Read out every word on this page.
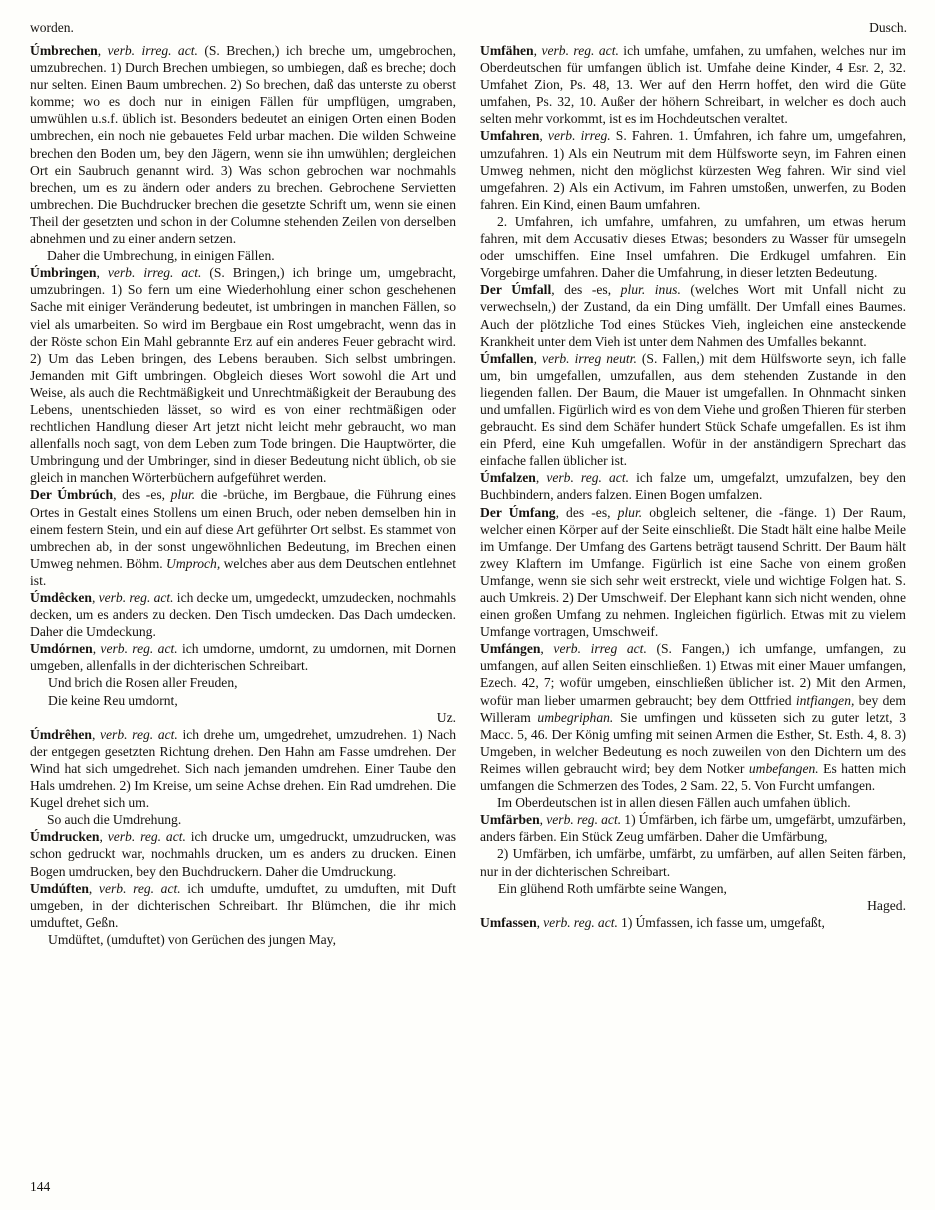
worden.	Dusch.

Úmbrechen, verb. irreg. act. (S. Brechen,) ich breche um, umgebrochen, umzubrechen. 1) Durch Brechen umbiegen, so umbiegen, daß es breche; doch nur selten. Einen Baum umbrechen. 2) So brechen, daß das unterste zu oberst komme; wo es doch nur in einigen Fällen für umpflügen, umgraben, umwühlen u.s.f. üblich ist. Besonders bedeutet an einigen Orten einen Boden umbrechen, ein noch nie gebauetes Feld urbar machen. Die wilden Schweine brechen den Boden um, bey den Jägern, wenn sie ihn umwühlen; dergleichen Ort ein Saubruch genannt wird. 3) Was schon gebrochen war nochmahls brechen, um es zu ändern oder anders zu brechen. Gebrochene Servietten umbrechen. Die Buchdrucker brechen die gesetzte Schrift um, wenn sie einen Theil der gesetzten und schon in der Columne stehenden Zeilen von derselben abnehmen und zu einer andern setzen.

Daher die Umbrechung, in einigen Fällen.

Úmbringen, verb. irreg. act. (S. Bringen,) ich bringe um, umgebracht, umzubringen. 1) So fern um eine Wiederhohlung einer schon geschehenen Sache mit einiger Veränderung bedeutet, ist umbringen in manchen Fällen, so viel als umarbeiten. So wird im Bergbaue ein Rost umgebracht, wenn das in der Röste schon Ein Mahl gebrannte Erz auf ein anderes Feuer gebracht wird. 2) Um das Leben bringen, des Lebens berauben. Sich selbst umbringen. Jemanden mit Gift umbringen. Obgleich dieses Wort sowohl die Art und Weise, als auch die Rechtmäßigkeit und Unrechtmäßigkeit der Beraubung des Lebens, unentschieden lässet, so wird es von einer rechtmäßigen oder rechtlichen Handlung dieser Art jetzt nicht leicht mehr gebraucht, wo man allenfalls noch sagt, von dem Leben zum Tode bringen. Die Hauptwörter, die Umbringung und der Umbringer, sind in dieser Bedeutung nicht üblich, ob sie gleich in manchen Wörterbüchern aufgeführet werden.

Der Úmbrúch, des -es, plur. die -brüche, im Bergbaue, die Führung eines Ortes in Gestalt eines Stollens um einen Bruch, oder neben demselben hin in einem festern Stein, und ein auf diese Art geführter Ort selbst. Es stammet von umbrechen ab, in der sonst ungewöhnlichen Bedeutung, im Brechen einen Umweg nehmen. Böhm. Umproch, welches aber aus dem Deutschen entlehnet ist.

Úmdêcken, verb. reg. act. ich decke um, umgedeckt, umzudecken, nochmahls decken, um es anders zu decken. Den Tisch umdecken. Das Dach umdecken. Daher die Umdeckung.

Umdórnen, verb. reg. act. ich umdorne, umdornt, zu umdornen, mit Dornen umgeben, allenfalls in der dichterischen Schreibart.

Und brich die Rosen aller Freuden,

Die keine Reu umdornt,

Uz.

Úmdrêhen, verb. reg. act. ich drehe um, umgedrehet, umzudrehen. 1) Nach der entgegen gesetzten Richtung drehen. Den Hahn am Fasse umdrehen. Der Wind hat sich umgedrehet. Sich nach jemanden umdrehen. Einer Taube den Hals umdrehen. 2) Im Kreise, um seine Achse drehen. Ein Rad umdrehen. Die Kugel drehet sich um.

So auch die Umdrehung.

Úmdrucken, verb. reg. act. ich drucke um, umgedruckt, umzudrucken, was schon gedruckt war, nochmahls drucken, um es anders zu drucken. Einen Bogen umdrucken, bey den Buchdruckern. Daher die Umdruckung.

Umdúften, verb. reg. act. ich umdufte, umduftet, zu umduften, mit Duft umgeben, in der dichterischen Schreibart. Ihr Blümchen, die ihr mich umduftet, Geßn.

Umdüftet, (umduftet) von Gerüchen des jungen May,

Umfähen, verb. reg. act. ich umfahe, umfahen, zu umfahen, welches nur im Oberdeutschen für umfangen üblich ist. Umfahe deine Kinder, 4 Esr. 2, 32. Umfahet Zion, Ps. 48, 13. Wer auf den Herrn hoffet, den wird die Güte umfahen, Ps. 32, 10. Außer der höhern Schreibart, in welcher es doch auch selten mehr vorkommt, ist es im Hochdeutschen veraltet.

Umfahren, verb. irreg. S. Fahren. 1. Úmfahren, ich fahre um, umgefahren, umzufahren. 1) Als ein Neutrum mit dem Hülfsworte seyn, im Fahren einen Umweg nehmen, nicht den möglichst kürzesten Weg fahren. Wir sind viel umgefahren. 2) Als ein Activum, im Fahren umstoßen, unwerfen, zu Boden fahren. Ein Kind, einen Baum umfahren.

2. Umfahren, ich umfahre, umfahren, zu umfahren, um etwas herum fahren, mit dem Accusativ dieses Etwas; besonders zu Wasser für umsegeln oder umschiffen. Eine Insel umfahren. Die Erdkugel umfahren. Ein Vorgebirge umfahren. Daher die Umfahrung, in dieser letzten Bedeutung.

Der Úmfall, des -es, plur. inus. (welches Wort mit Unfall nicht zu verwechseln,) der Zustand, da ein Ding umfällt. Der Umfall eines Baumes. Auch der plötzliche Tod eines Stückes Vieh, ingleichen eine ansteckende Krankheit unter dem Vieh ist unter dem Nahmen des Umfalles bekannt.

Úmfallen, verb. irreg neutr. (S. Fallen,) mit dem Hülfsworte seyn, ich falle um, bin umgefallen, umzufallen, aus dem stehenden Zustande in den liegenden fallen. Der Baum, die Mauer ist umgefallen. In Ohnmacht sinken und umfallen. Figürlich wird es von dem Viehe und großen Thieren für sterben gebraucht. Es sind dem Schäfer hundert Stück Schafe umgefallen. Es ist ihm ein Pferd, eine Kuh umgefallen. Wofür in der anständigern Sprechart das einfache fallen üblicher ist.

Úmfalzen, verb. reg. act. ich falze um, umgefalzt, umzufalzen, bey den Buchbindern, anders falzen. Einen Bogen umfalzen.

Der Úmfang, des -es, plur. obgleich seltener, die -fänge. 1) Der Raum, welcher einen Körper auf der Seite einschließt. Die Stadt hält eine halbe Meile im Umfange. Der Umfang des Gartens beträgt tausend Schritt. Der Baum hält zwey Klaftern im Umfange. Figürlich ist eine Sache von einem großen Umfange, wenn sie sich sehr weit erstreckt, viele und wichtige Folgen hat. S. auch Umkreis. 2) Der Umschweif. Der Elephant kann sich nicht wenden, ohne einen großen Umfang zu nehmen. Ingleichen figürlich. Etwas mit zu vielem Umfange vortragen, Umschweif.

Umfángen, verb. irreg act. (S. Fangen,) ich umfange, umfangen, zu umfangen, auf allen Seiten einschließen. 1) Etwas mit einer Mauer umfangen, Ezech. 42, 7; wofür umgeben, einschließen üblicher ist. 2) Mit den Armen, wofür man lieber umarmen gebraucht; bey dem Ottfried intfiangen, bey dem Willeram umbegriphan. Sie umfingen und küsseten sich zu guter letzt, 3 Macc. 5, 46. Der König umfing mit seinen Armen die Esther, St. Esth. 4, 8. 3) Umgeben, in welcher Bedeutung es noch zuweilen von den Dichtern um des Reimes willen gebraucht wird; bey dem Notker umbefangen. Es hatten mich umfangen die Schmerzen des Todes, 2 Sam. 22, 5. Von Furcht umfangen.

Im Oberdeutschen ist in allen diesen Fällen auch umfahen üblich.

Umfärben, verb. reg. act. 1) Úmfärben, ich färbe um, umgefärbt, umzufärben, anders färben. Ein Stück Zeug umfärben. Daher die Umfärbung,

2) Umfärben, ich umfärbe, umfärbt, zu umfärben, auf allen Seiten färben, nur in der dichterischen Schreibart.

Ein glühend Roth umfärbte seine Wangen,

Haged.

Umfassen, verb. reg. act. 1) Úmfassen, ich fasse um, umgefaßt,

144
